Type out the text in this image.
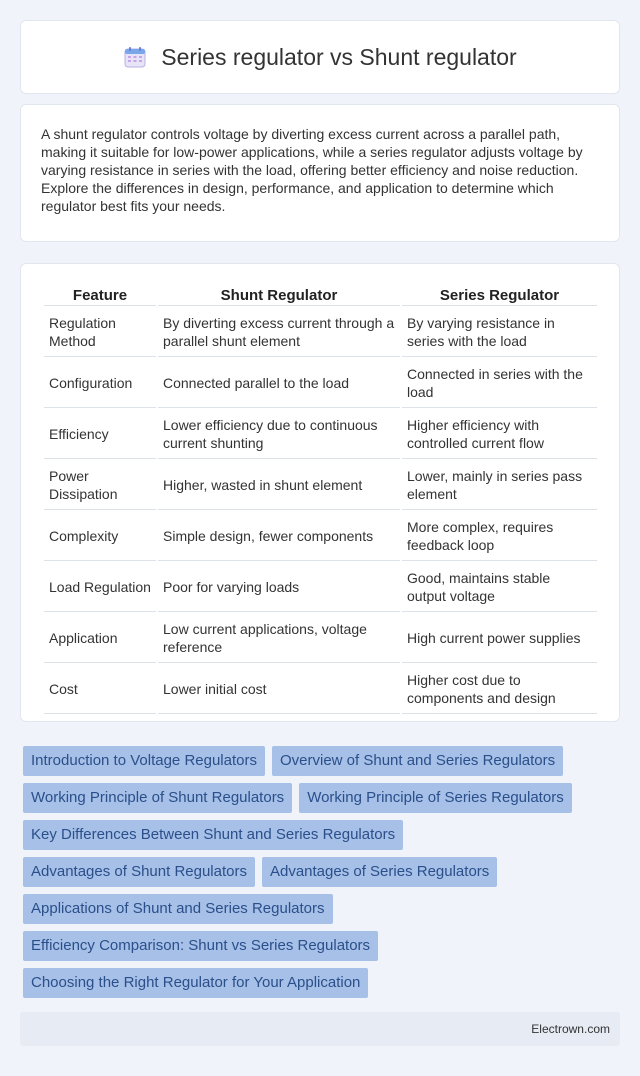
Series regulator vs Shunt regulator

A shunt regulator controls voltage by diverting excess current across a parallel path, making it suitable for low-power applications, while a series regulator adjusts voltage by varying resistance in series with the load, offering better efficiency and noise reduction. Explore the differences in design, performance, and application to determine which regulator best fits your needs.

Feature	Shunt Regulator	Series Regulator
Regulation Method	By diverting excess current through a parallel shunt element	By varying resistance in series with the load
Configuration	Connected parallel to the load	Connected in series with the load
Efficiency	Lower efficiency due to continuous current shunting	Higher efficiency with controlled current flow
Power Dissipation	Higher, wasted in shunt element	Lower, mainly in series pass element
Complexity	Simple design, fewer components	More complex, requires feedback loop
Load Regulation	Poor for varying loads	Good, maintains stable output voltage
Application	Low current applications, voltage reference	High current power supplies
Cost	Lower initial cost	Higher cost due to components and design
Introduction to Voltage Regulators	Overview of Shunt and Series Regulators
Working Principle of Shunt Regulators	Working Principle of Series Regulators
Key Differences Between Shunt and Series Regulators
Advantages of Shunt Regulators	Advantages of Series Regulators
Applications of Shunt and Series Regulators
Efficiency Comparison: Shunt vs Series Regulators
Choosing the Right Regulator for Your Application
Electrown.com
